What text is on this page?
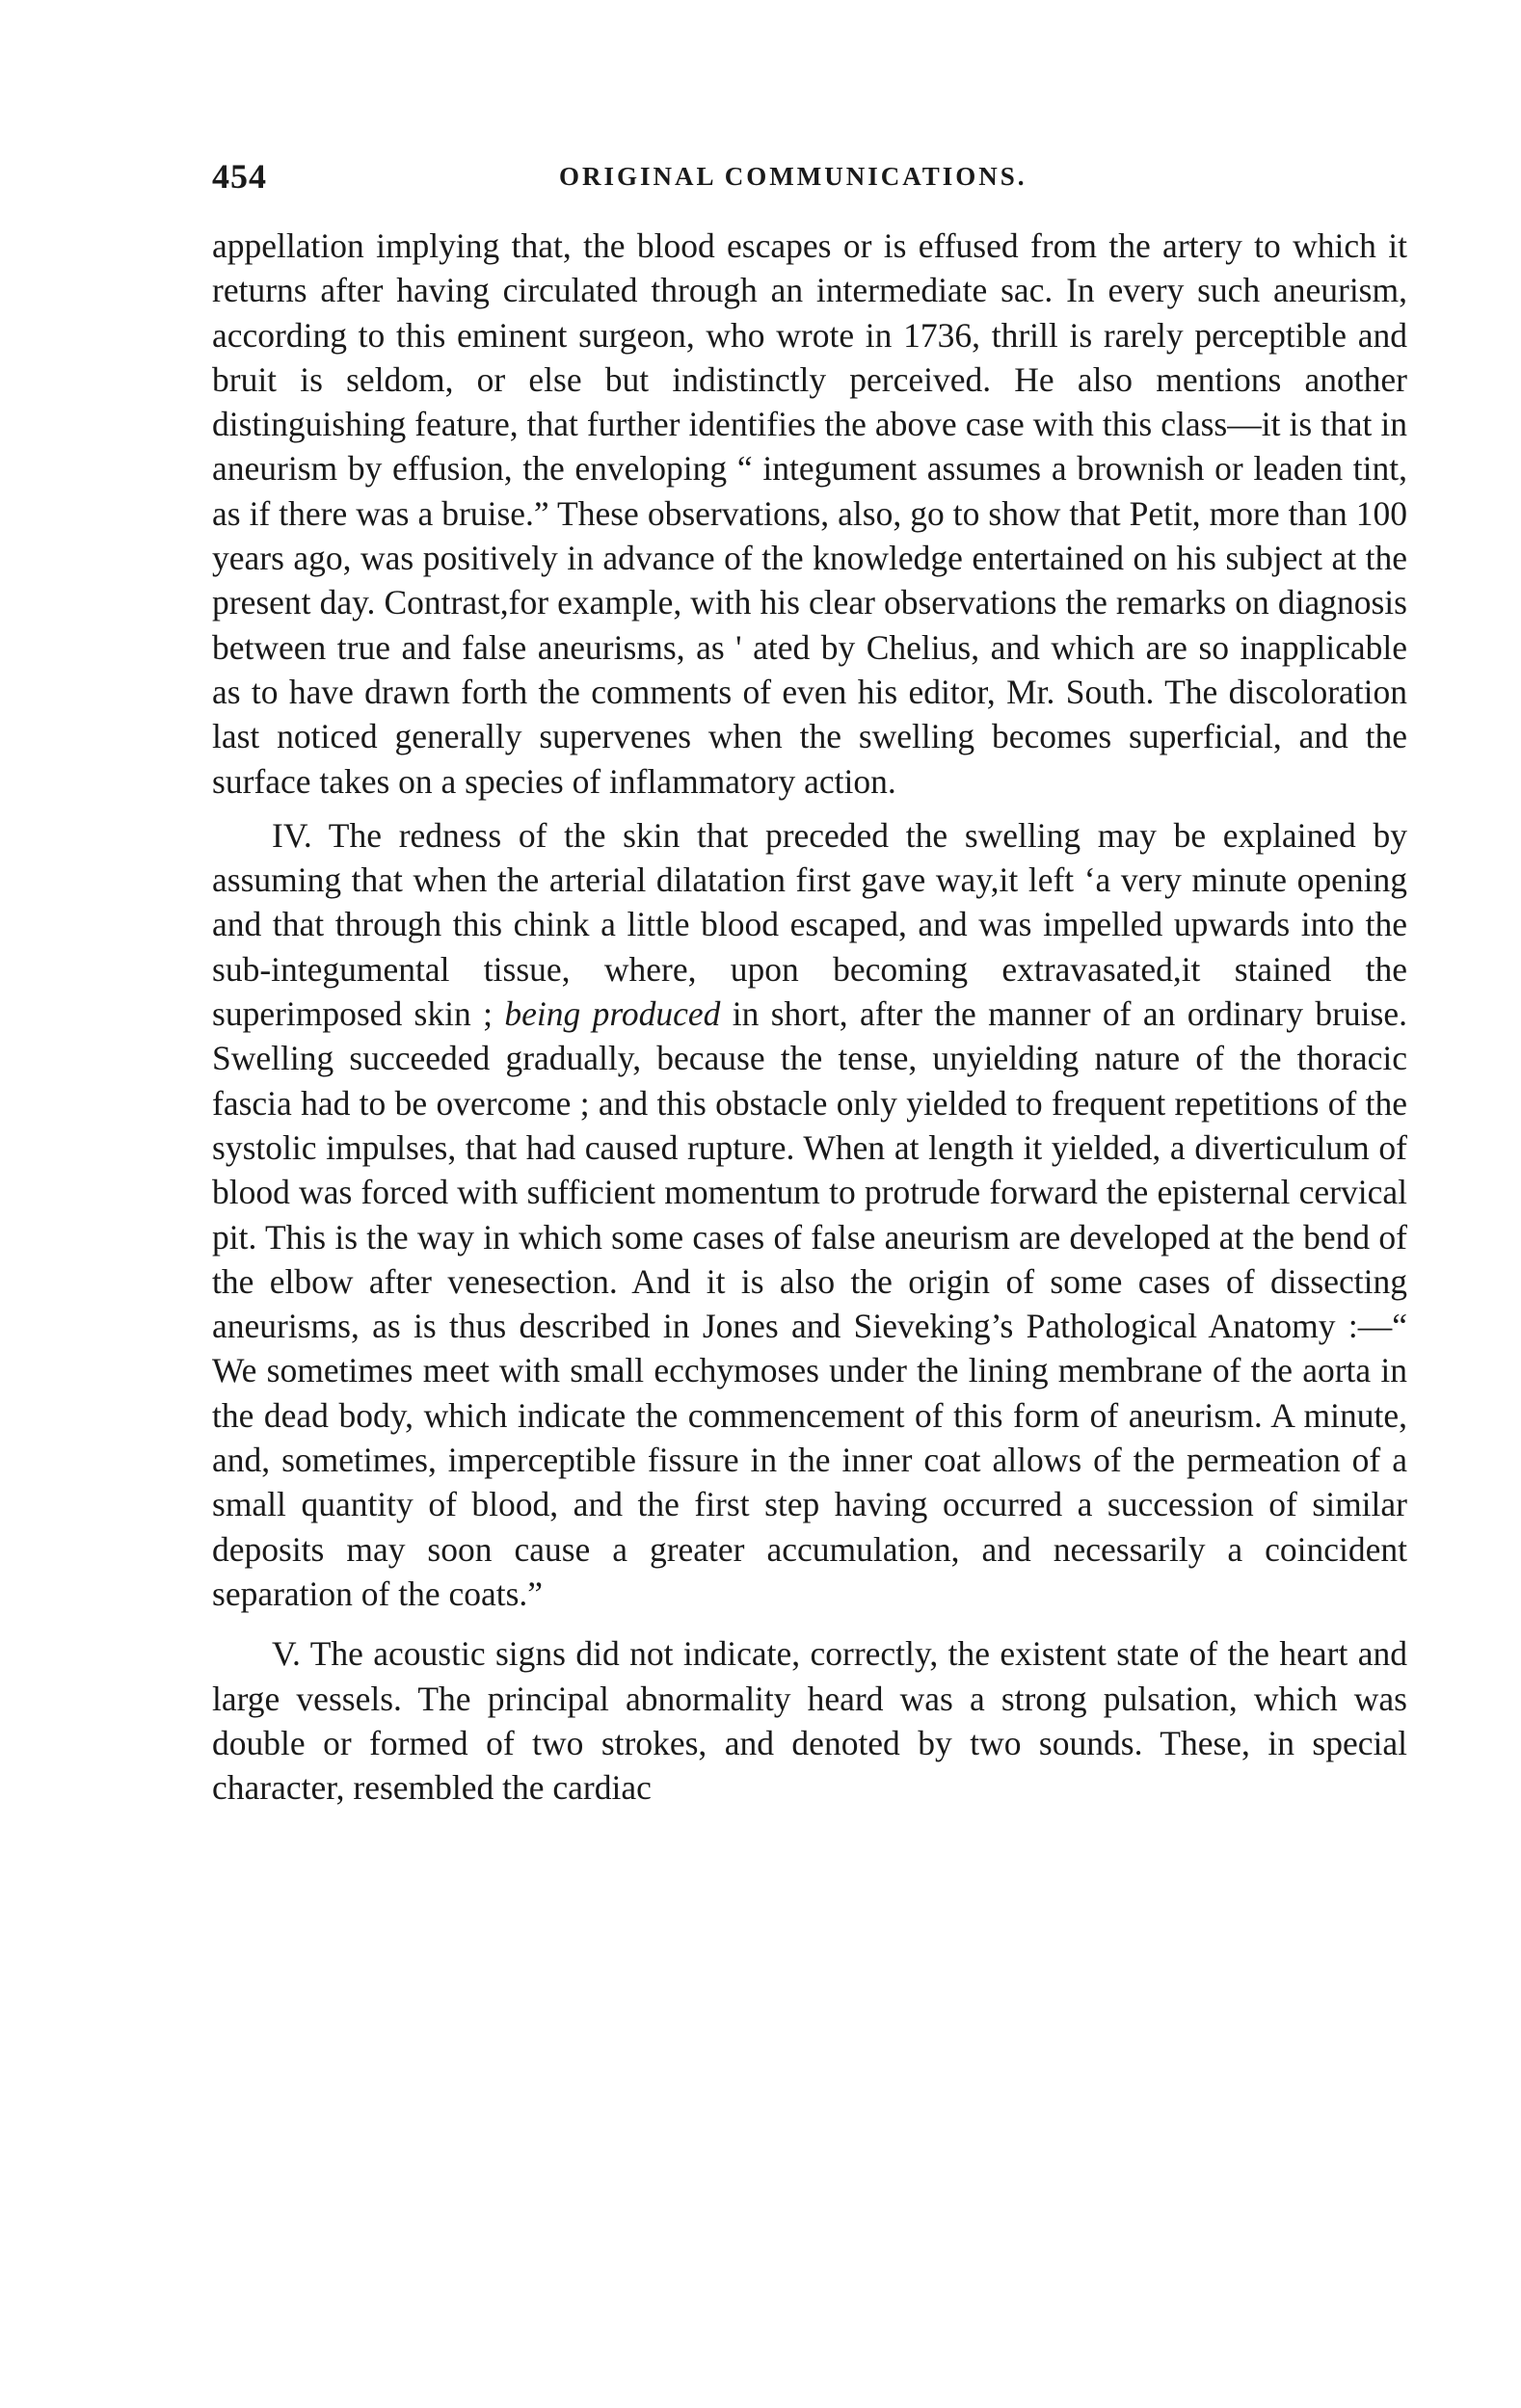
454	ORIGINAL COMMUNICATIONS.

appellation implying that, the blood escapes or is effused from the artery to which it returns after having circulated through an intermediate sac. In every such aneurism, according to this eminent surgeon, who wrote in 1736, thrill is rarely perceptible and bruit is seldom, or else but indistinctly perceived. He also mentions another distinguishing feature, that further identifies the above case with this class—it is that in aneurism by effusion, the enveloping “ integument assumes a brownish or leaden tint, as if there was a bruise.” These observations, also, go to show that Petit, more than 100 years ago, was positively in advance of the knowledge entertained on his subject at the present day. Contrast,for example, with his clear observations the remarks on diagnosis between true and false aneurisms, as ' ated by Chelius, and which are so inapplicable as to have drawn forth the comments of even his editor, Mr. South. The discoloration last noticed generally supervenes when the swelling becomes superficial, and the surface takes on a species of inflammatory action.

IV. The redness of the skin that preceded the swelling may be explained by assuming that when the arterial dilatation first gave way,it left ‘a very minute opening and that through this chink a little blood escaped, and was impelled upwards into the sub-integumental tissue, where, upon becoming extravasated,it stained the superimposed skin ; being produced in short, after the manner of an ordinary bruise. Swelling succeeded gradually, because the tense, unyielding nature of the thoracic fascia had to be overcome ; and this obstacle only yielded to frequent repetitions of the systolic impulses, that had caused rupture. When at length it yielded, a diverticulum of blood was forced with sufficient momentum to protrude forward the episternal cervical pit. This is the way in which some cases of false aneurism are developed at the bend of the elbow after venesection. And it is also the origin of some cases of dissecting aneurisms, as is thus described in Jones and Sieveking’s Pathological Anatomy :—“ We sometimes meet with small ecchymoses under the lining membrane of the aorta in the dead body, which indicate the commencement of this form of aneurism. A minute, and, sometimes, imperceptible fissure in the inner coat allows of the permeation of a small quantity of blood, and the first step having occurred a succession of similar deposits may soon cause a greater accumulation, and necessarily a coincident separation of the coats.”

V. The acoustic signs did not indicate, correctly, the existent state of the heart and large vessels. The principal abnormality heard was a strong pulsation, which was double or formed of two strokes, and denoted by two sounds. These, in special character, resembled the cardiac
